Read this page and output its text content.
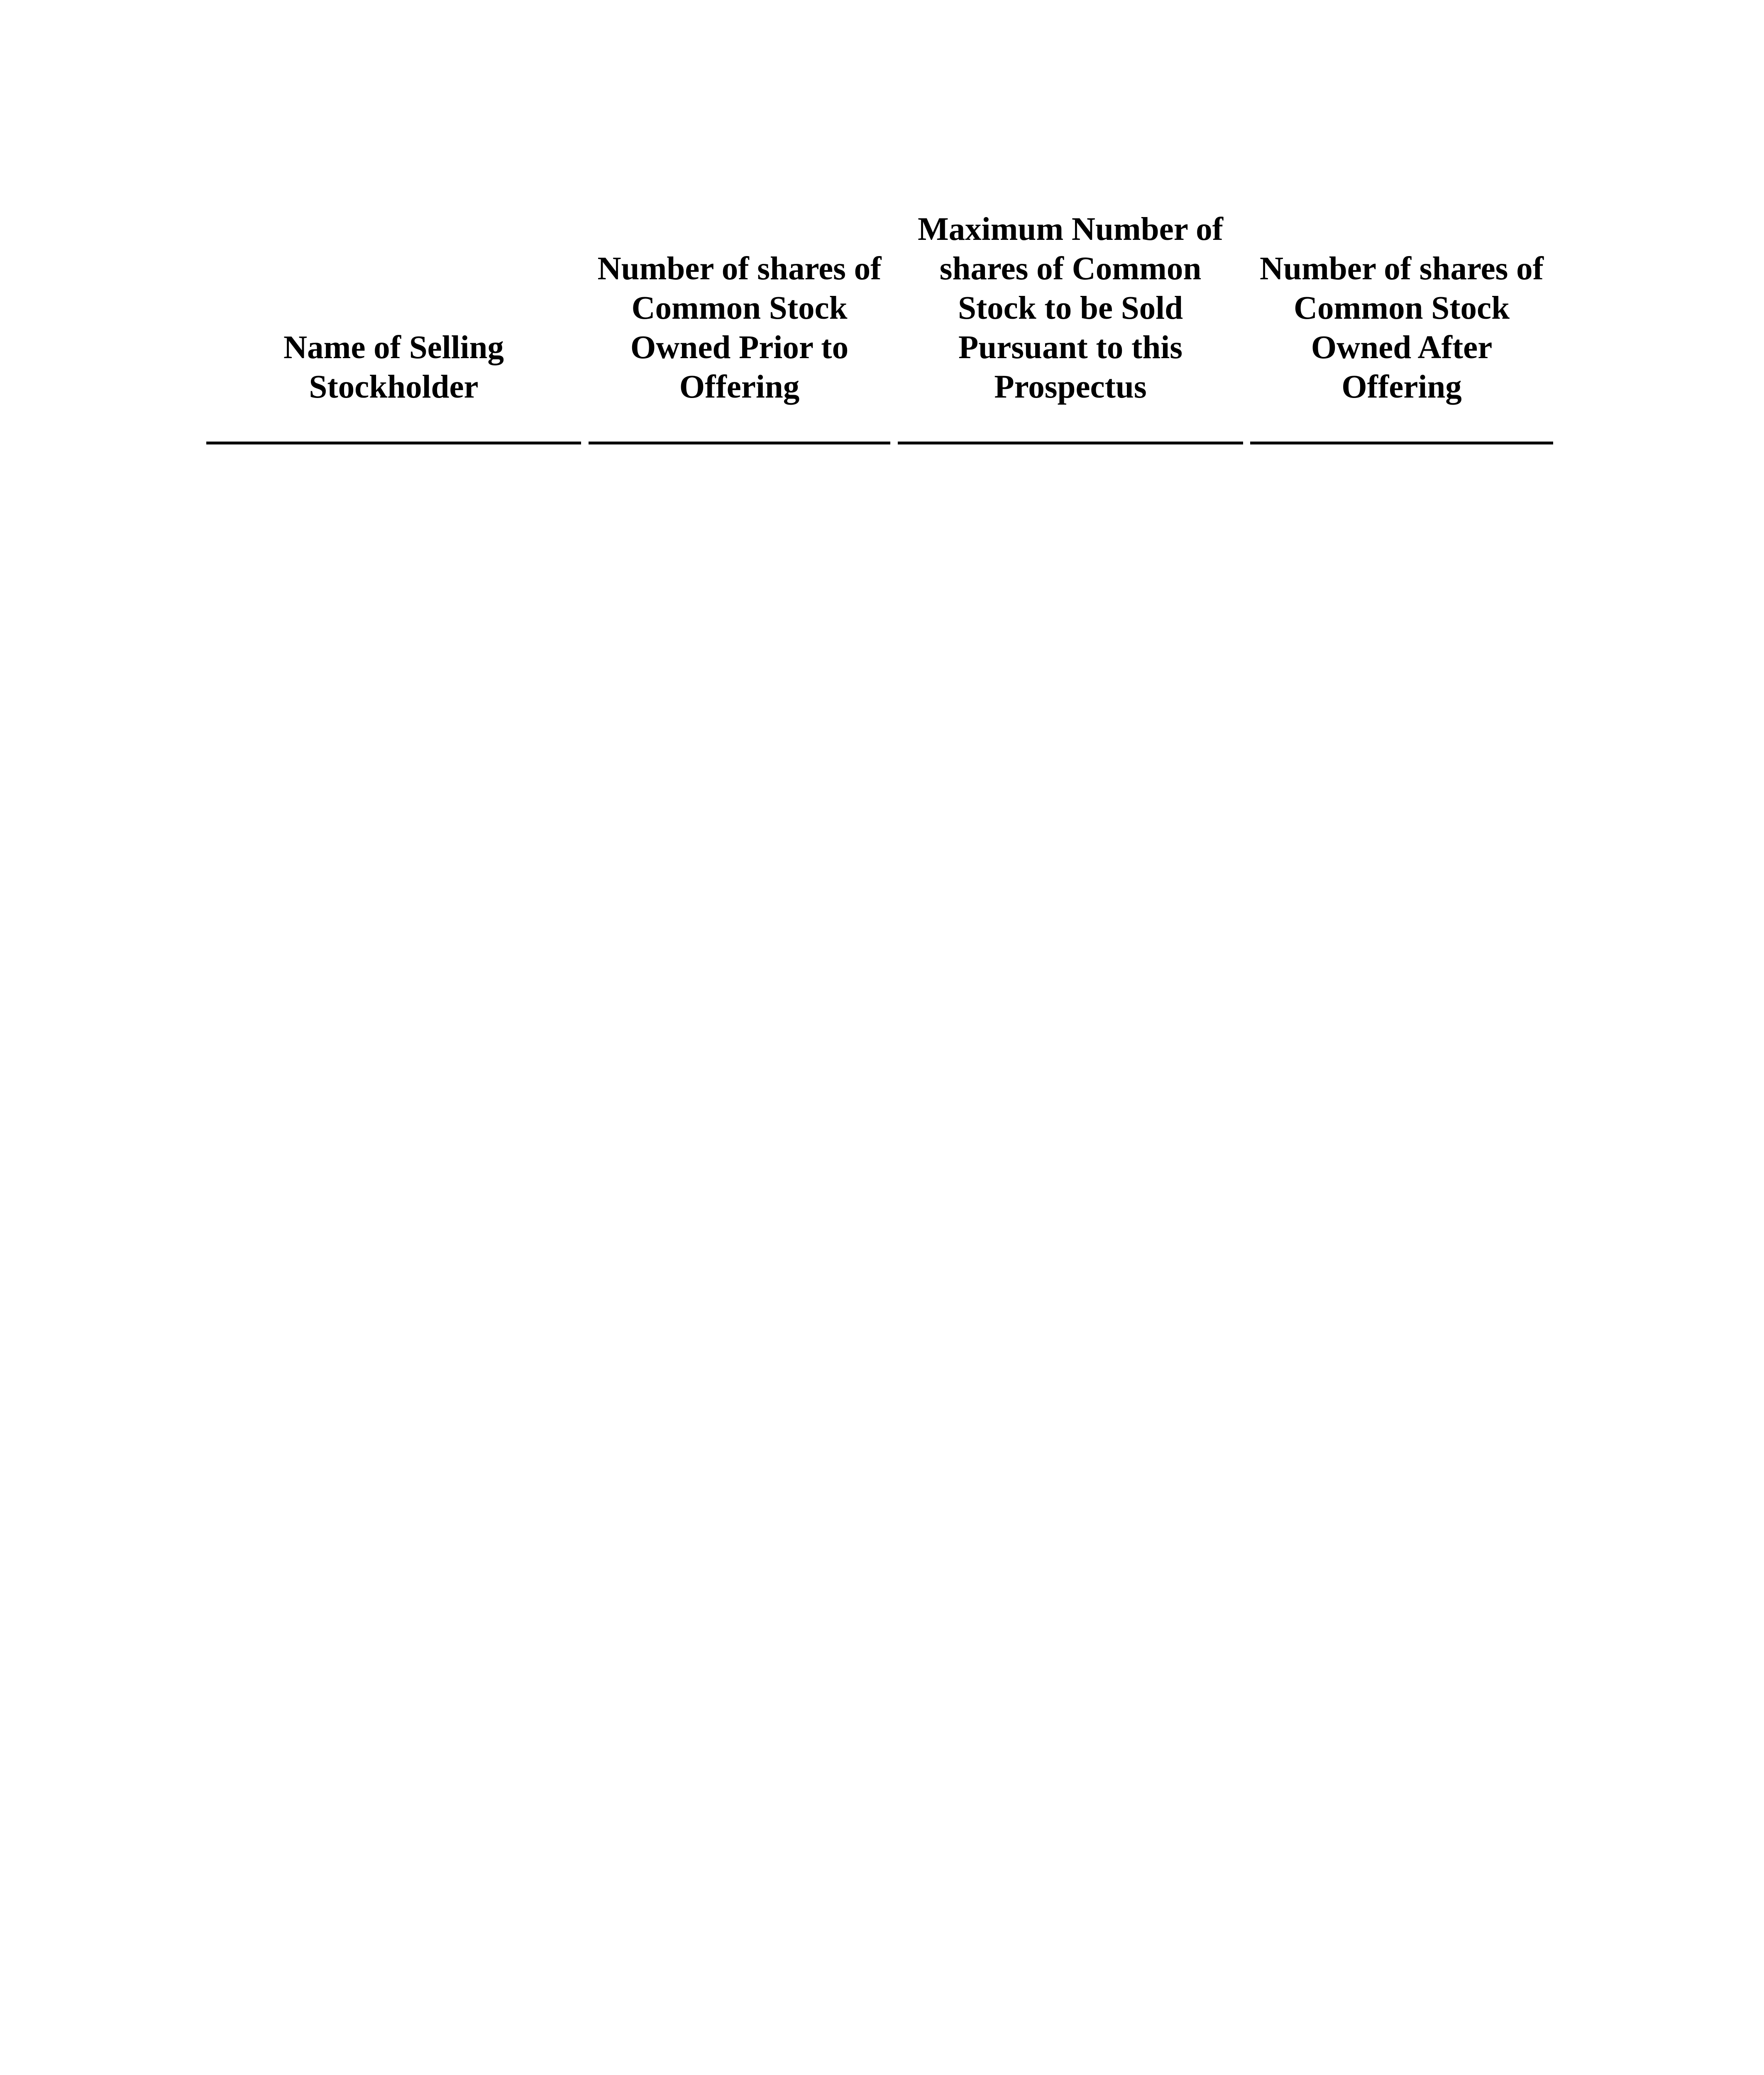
Name of Selling
Stockholder
Number of shares of
Common Stock
Owned Prior to
Offering
Maximum Number of
shares of Common
Stock to be Sold
Pursuant to this
Prospectus
Number of shares of
Common Stock
Owned After
Offering
